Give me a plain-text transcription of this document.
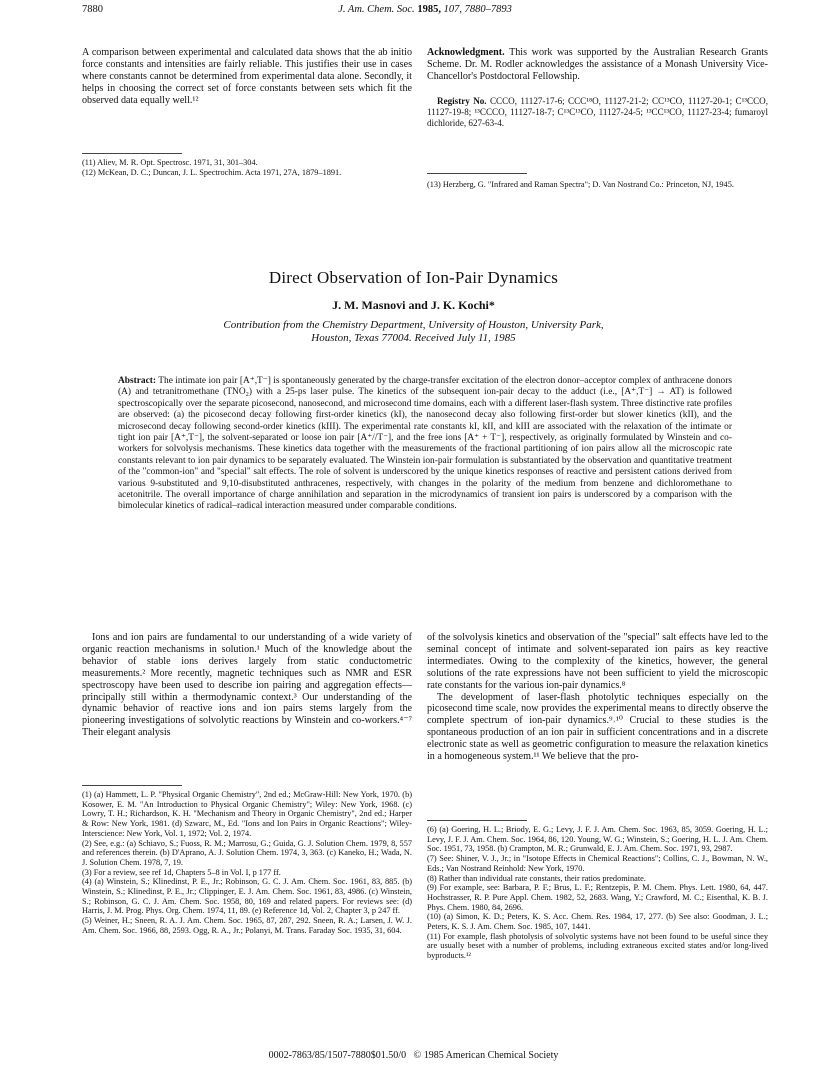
7880	J. Am. Chem. Soc. 1985, 107, 7880–7893

A comparison between experimental and calculated data shows that the ab initio force constants and intensities are fairly reliable. This justifies their use in cases where constants cannot be determined from experimental data alone. Secondly, it helps in choosing the correct set of force constants between sets which fit the observed data equally well.¹²

(11) Aliev, M. R. Opt. Spectrosc. 1971, 31, 301–304.

(12) McKean, D. C.; Duncan, J. L. Spectrochim. Acta 1971, 27A, 1879–1891.

Acknowledgment. This work was supported by the Australian Research Grants Scheme. Dr. M. Rodler acknowledges the assistance of a Monash University Vice-Chancellor's Postdoctoral Fellowship.

Registry No. CCCO, 11127-17-6; CCC¹⁸O, 11127-21-2; CC¹³CO, 11127-20-1; C¹³CCO, 11127-19-8; ¹³CCCO, 11127-18-7; C¹³C¹³CO, 11127-24-5; ¹³CC¹³CO, 11127-23-4; fumaroyl dichloride, 627-63-4.

(13) Herzberg, G. "Infrared and Raman Spectra"; D. Van Nostrand Co.: Princeton, NJ, 1945.

Direct Observation of Ion-Pair Dynamics
J. M. Masnovi and J. K. Kochi*
Contribution from the Chemistry Department, University of Houston, University Park,
Houston, Texas 77004. Received July 11, 1985

Abstract: The intimate ion pair [A⁺,T⁻] is spontaneously generated by the charge-transfer excitation of the electron donor–acceptor complex of anthracene donors (A) and tetranitromethane (TNO₂) with a 25-ps laser pulse. The kinetics of the subsequent ion-pair decay to the adduct (i.e., [A⁺,T⁻] → AT) is followed spectroscopically over the separate picosecond, nanosecond, and microsecond time domains, each with a different laser-flash system. Three distinctive rate profiles are observed: (a) the picosecond decay following first-order kinetics (kI), the nanosecond decay also following first-order but slower kinetics (kII), and the microsecond decay following second-order kinetics (kIII). The experimental rate constants kI, kII, and kIII are associated with the relaxation of the intimate or tight ion pair [A⁺,T⁻], the solvent-separated or loose ion pair [A⁺//T⁻], and the free ions [A⁺ + T⁻], respectively, as originally formulated by Winstein and co-workers for solvolysis mechanisms. These kinetics data together with the measurements of the fractional partitioning of ion pairs allow all the microscopic rate constants relevant to ion pair dynamics to be separately evaluated. The Winstein ion-pair formulation is substantiated by the observation and quantitative treatment of the "common-ion" and "special" salt effects. The role of solvent is underscored by the unique kinetics responses of reactive and persistent cations derived from various 9-substituted and 9,10-disubstituted anthracenes, respectively, with changes in the polarity of the medium from benzene and dichloromethane to acetonitrile. The overall importance of charge annihilation and separation in the microdynamics of transient ion pairs is underscored by a comparison with the bimolecular kinetics of radical–radical interaction measured under comparable conditions.

Ions and ion pairs are fundamental to our understanding of a wide variety of organic reaction mechanisms in solution.¹ Much of the knowledge about the behavior of stable ions derives largely from static conductometric measurements.² More recently, magnetic techniques such as NMR and ESR spectroscopy have been used to describe ion pairing and aggregation effects—principally still within a thermodynamic context.³ Our understanding of the dynamic behavior of reactive ions and ion pairs stems largely from the pioneering investigations of solvolytic reactions by Winstein and co-workers.⁴⁻⁷ Their elegant analysis

(1) (a) Hammett, L. P. "Physical Organic Chemistry", 2nd ed.; McGraw-Hill: New York, 1970. (b) Kosower, E. M. "An Introduction to Physical Organic Chemistry"; Wiley: New York, 1968. (c) Lowry, T. H.; Richardson, K. H. "Mechanism and Theory in Organic Chemistry", 2nd ed.; Harper & Row: New York, 1981. (d) Szwarc, M., Ed. "Ions and Ion Pairs in Organic Reactions"; Wiley-Interscience: New York, Vol. 1, 1972; Vol. 2, 1974.

(2) See, e.g.: (a) Schiavo, S.; Fuoss, R. M.; Marrosu, G.; Guida, G. J. Solution Chem. 1979, 8, 557 and references therein. (b) D'Aprano, A. J. Solution Chem. 1974, 3, 363. (c) Kaneko, H.; Wada, N. J. Solution Chem. 1978, 7, 19.

(3) For a review, see ref 1d, Chapters 5–8 in Vol. I, p 177 ff.

(4) (a) Winstein, S.; Klinedinst, P. E., Jr.; Robinson, G. C. J. Am. Chem. Soc. 1961, 83, 885. (b) Winstein, S.; Klinedinst, P. E., Jr.; Clippinger, E. J. Am. Chem. Soc. 1961, 83, 4986. (c) Winstein, S.; Robinson, G. C. J. Am. Chem. Soc. 1958, 80, 169 and related papers. For reviews see: (d) Harris, J. M. Prog. Phys. Org. Chem. 1974, 11, 89. (e) Reference 1d, Vol. 2, Chapter 3, p 247 ff.

(5) Weiner, H.; Sneen, R. A. J. Am. Chem. Soc. 1965, 87, 287, 292. Sneen, R. A.; Larsen, J. W. J. Am. Chem. Soc. 1966, 88, 2593. Ogg, R. A., Jr.; Polanyi, M. Trans. Faraday Soc. 1935, 31, 604.

of the solvolysis kinetics and observation of the "special" salt effects have led to the seminal concept of intimate and solvent-separated ion pairs as key reactive intermediates. Owing to the complexity of the kinetics, however, the general solutions of the rate expressions have not been sufficient to yield the microscopic rate constants for the various ion-pair dynamics.⁸

The development of laser-flash photolytic techniques especially on the picosecond time scale, now provides the experimental means to directly observe the complete spectrum of ion-pair dynamics.⁹˒¹⁰ Crucial to these studies is the spontaneous production of an ion pair in sufficient concentrations and in a discrete electronic state as well as geometric configuration to measure the relaxation kinetics in a homogeneous system.¹¹ We believe that the pro-

(6) (a) Goering, H. L.; Briody, E. G.; Levy, J. F. J. Am. Chem. Soc. 1963, 85, 3059. Goering, H. L.; Levy, J. F. J. Am. Chem. Soc. 1964, 86, 120. Young, W. G.; Winstein, S.; Goering, H. L. J. Am. Chem. Soc. 1951, 73, 1958. (b) Crampton, M. R.; Grunwald, E. J. Am. Chem. Soc. 1971, 93, 2987.

(7) See: Shiner, V. J., Jr.; in "Isotope Effects in Chemical Reactions"; Collins, C. J., Bowman, N. W., Eds.; Van Nostrand Reinhold: New York, 1970.

(8) Rather than individual rate constants, their ratios predominate.

(9) For example, see: Barbara, P. F.; Brus, L. F.; Rentzepis, P. M. Chem. Phys. Lett. 1980, 64, 447. Hochstrasser, R. P. Pure Appl. Chem. 1982, 52, 2683. Wang, Y.; Crawford, M. C.; Eisenthal, K. B. J. Phys. Chem. 1980, 84, 2696.

(10) (a) Simon, K. D.; Peters, K. S. Acc. Chem. Res. 1984, 17, 277. (b) See also: Goodman, J. L.; Peters, K. S. J. Am. Chem. Soc. 1985, 107, 1441.

(11) For example, flash photolysis of solvolytic systems have not been found to be useful since they are usually beset with a number of problems, including extraneous excited states and/or long-lived byproducts.¹²

0002-7863/85/1507-7880$01.50/0 © 1985 American Chemical Society
